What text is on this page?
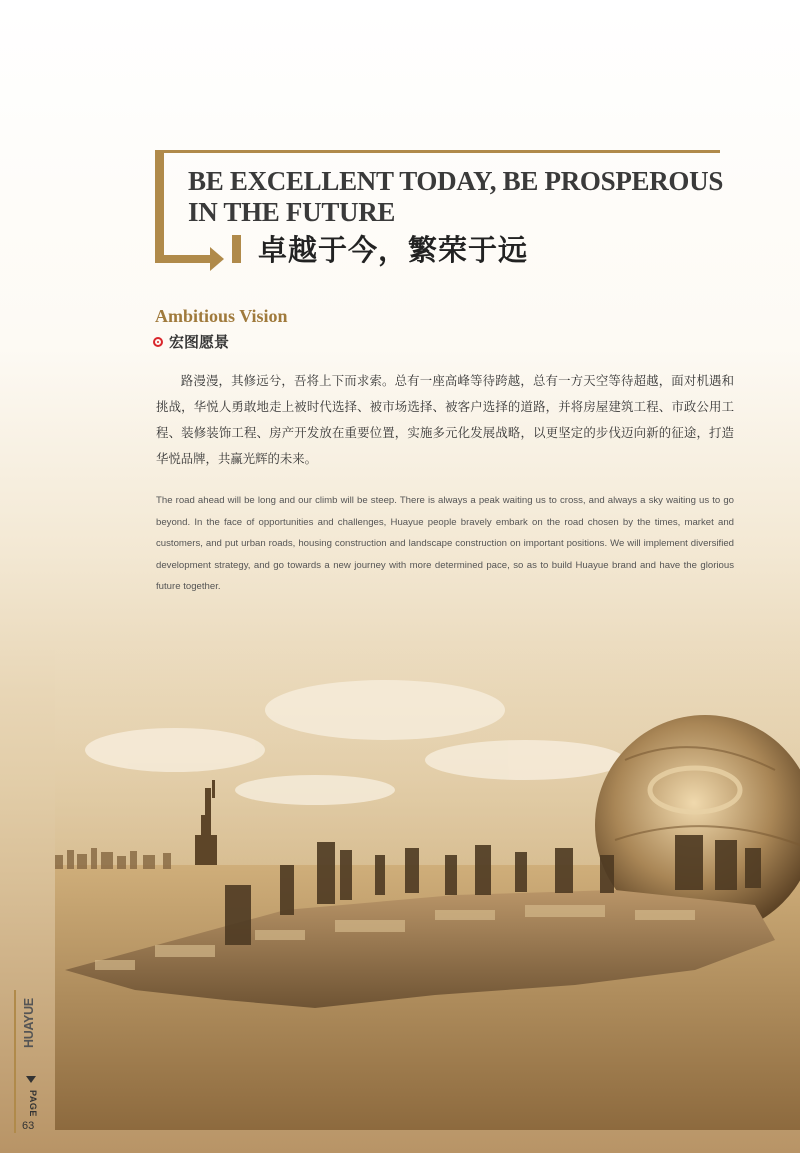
BE EXCELLENT TODAY, BE PROSPEROUS
IN THE FUTURE
卓越于今，繁荣于远
Ambitious Vision
宏图愿景

路漫漫，其修远兮，吾将上下而求索。总有一座高峰等待跨越，总有一方天空等待超越，面对机遇和挑战，华悦人勇敢地走上被时代选择、被市场选择、被客户选择的道路，并将房屋建筑工程、市政公用工程、装修装饰工程、房产开发放在重要位置，实施多元化发展战略，以更坚定的步伐迈向新的征途，打造华悦品牌，共赢光辉的未来。

The road ahead will be long and our climb will be steep. There is always a peak waiting us to cross, and always a sky waiting us to go beyond. In the face of opportunities and challenges, Huayue people bravely embark on the road chosen by the times, market and customers, and put urban roads, housing construction and landscape construction on important positions. We will implement diversified development strategy, and go towards a new journey with more determined pace, so as to build Huayue brand and have the glorious future together.

HUAYUE
PAGE
63
